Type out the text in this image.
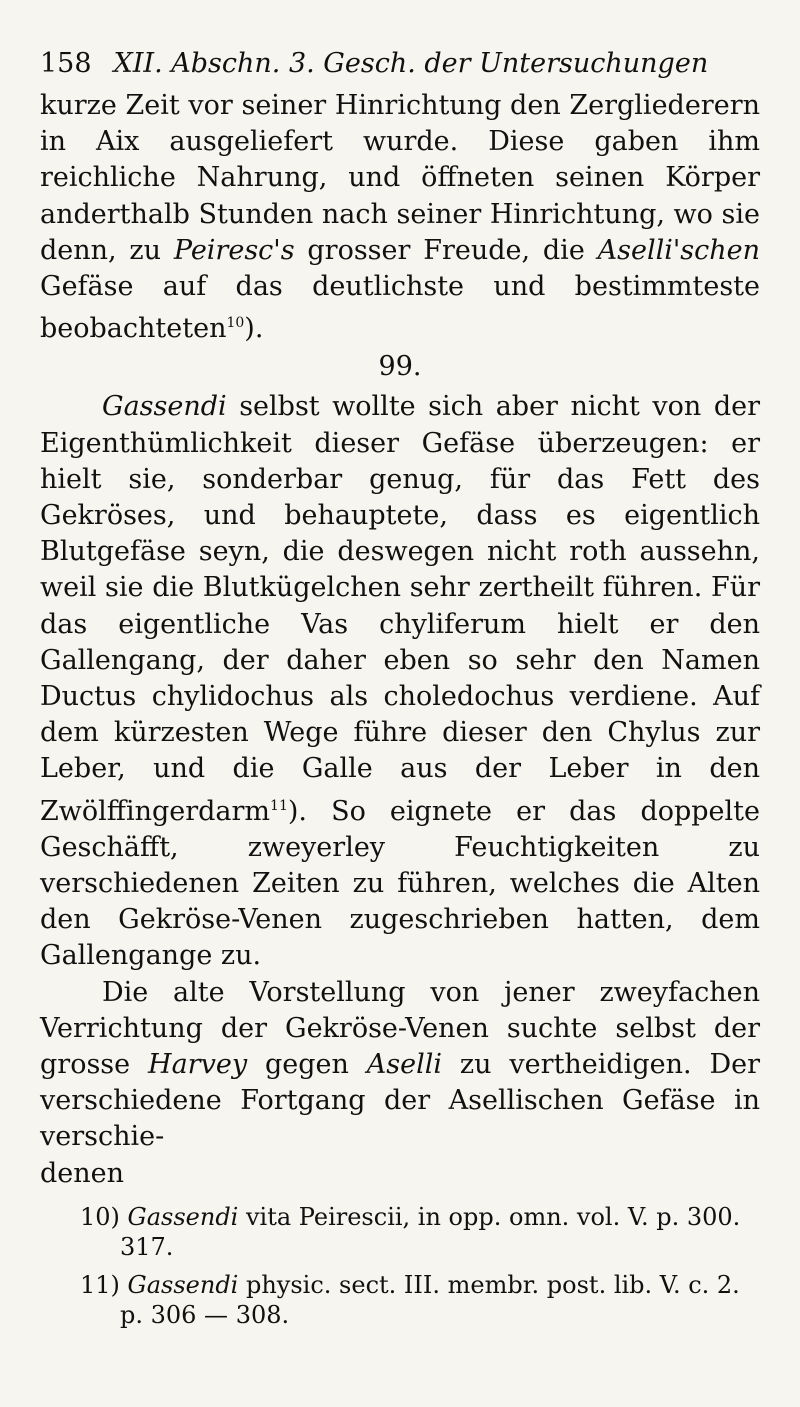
158 XII. Abschn. 3. Gesch. der Untersuchungen

kurze Zeit vor seiner Hinrichtung den Zergliederern in Aix ausgeliefert wurde. Diese gaben ihm reichliche Nahrung, und öffneten seinen Körper anderthalb Stunden nach seiner Hinrichtung, wo sie denn, zu Peiresc's grosser Freude, die Aselli'schen Gefäse auf das deutlichste und bestimmteste beobachteten$^{10}$).

99.

Gassendi selbst wollte sich aber nicht von der Eigenthümlichkeit dieser Gefäse überzeugen: er hielt sie, sonderbar genug, für das Fett des Gekröses, und behauptete, dass es eigentlich Blutgefäse seyn, die deswegen nicht roth aussehn, weil sie die Blutkügelchen sehr zertheilt führen. Für das eigentliche Vas chyliferum hielt er den Gallengang, der daher eben so sehr den Namen Ductus chylidochus als choledochus verdiene. Auf dem kürzesten Wege führe dieser den Chylus zur Leber, und die Galle aus der Leber in den Zwölffingerdarm$^{11}$). So eignete er das doppelte Geschäfft, zweyerley Feuchtigkeiten zu verschiedenen Zeiten zu führen, welches die Alten den Gekröse-Venen zugeschrieben hatten, dem Gallengange zu.

Die alte Vorstellung von jener zweyfachen Verrichtung der Gekröse-Venen suchte selbst der grosse Harvey gegen Aselli zu vertheidigen. Der verschiedene Fortgang der Asellischen Gefäse in verschie-

denen

10) Gassendi vita Peirescii, in opp. omn. vol. V. p. 300. 317.

11) Gassendi physic. sect. III. membr. post. lib. V. c. 2. p. 306 — 308.
